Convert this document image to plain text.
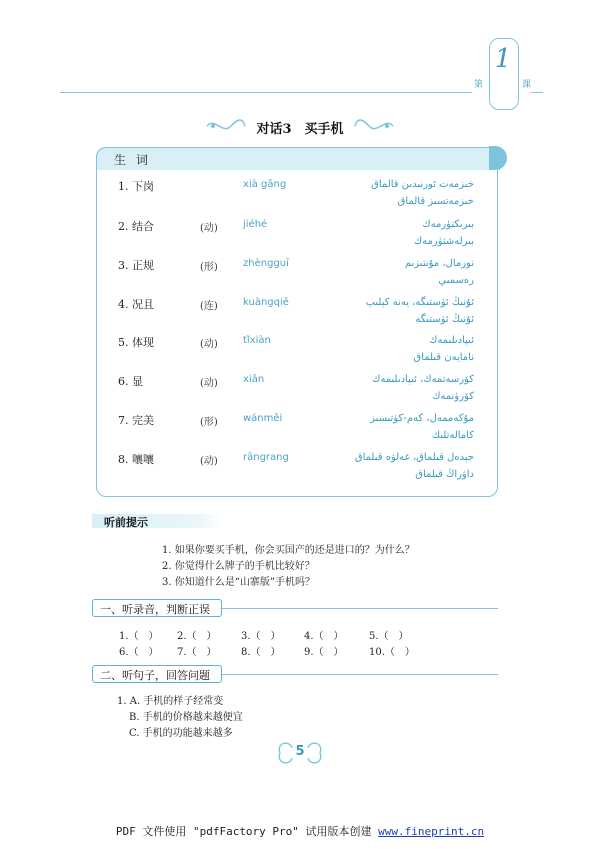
1
第	课
对话3　买手机
生词
1. 下岗	xià gǎng	خىزمەت ئورنىدىن قالماق
خىزمەتسىز قالماق
2. 结合	(动)	jiéhé	بىرىكتۈرمەك
بىرلەشتۈرمەك
3. 正规	(形)	zhèngguī	نورمال، مۇنتىزىم
رەسمىي
4. 况且	(连)	kuàngqiě	ئۇنىڭ ئۈستىگە، يەنە كېلىپ
ئۇنىڭ ئۈستىگە
5. 体现	(动)	tǐxiàn	ئىپادىلىمەك
نامايەن قىلماق
6. 显	(动)	xiǎn	كۆرسەتمەك، ئىپادىلىمەك
كۆرۈنمەك
7. 完美	(形)	wánměi	مۇكەممەل، كەم-كۈتىسىز
كامالەتلىك
8. 嚷嚷	(动)	rāngrang	جېدەل قىلماق، غەلۋە قىلماق
داۋراڭ قىلماق
听前提示
1. 如果你要买手机，你会买国产的还是进口的？为什么？
2. 你觉得什么牌子的手机比较好？
3. 你知道什么是“山寨版”手机吗？
一、听录音，判断正误
1.（　） 2.（　） 3.（　） 4.（　）	5.（　）
6.（　） 7.（　） 8.（　） 9.（　）	10.（　）
二、听句子，回答问题
1. A. 手机的样子经常变
B. 手机的价格越来越便宜
C. 手机的功能越来越多
5
PDF 文件使用 "pdfFactory Pro" 试用版本创建 www.fineprint.cn
